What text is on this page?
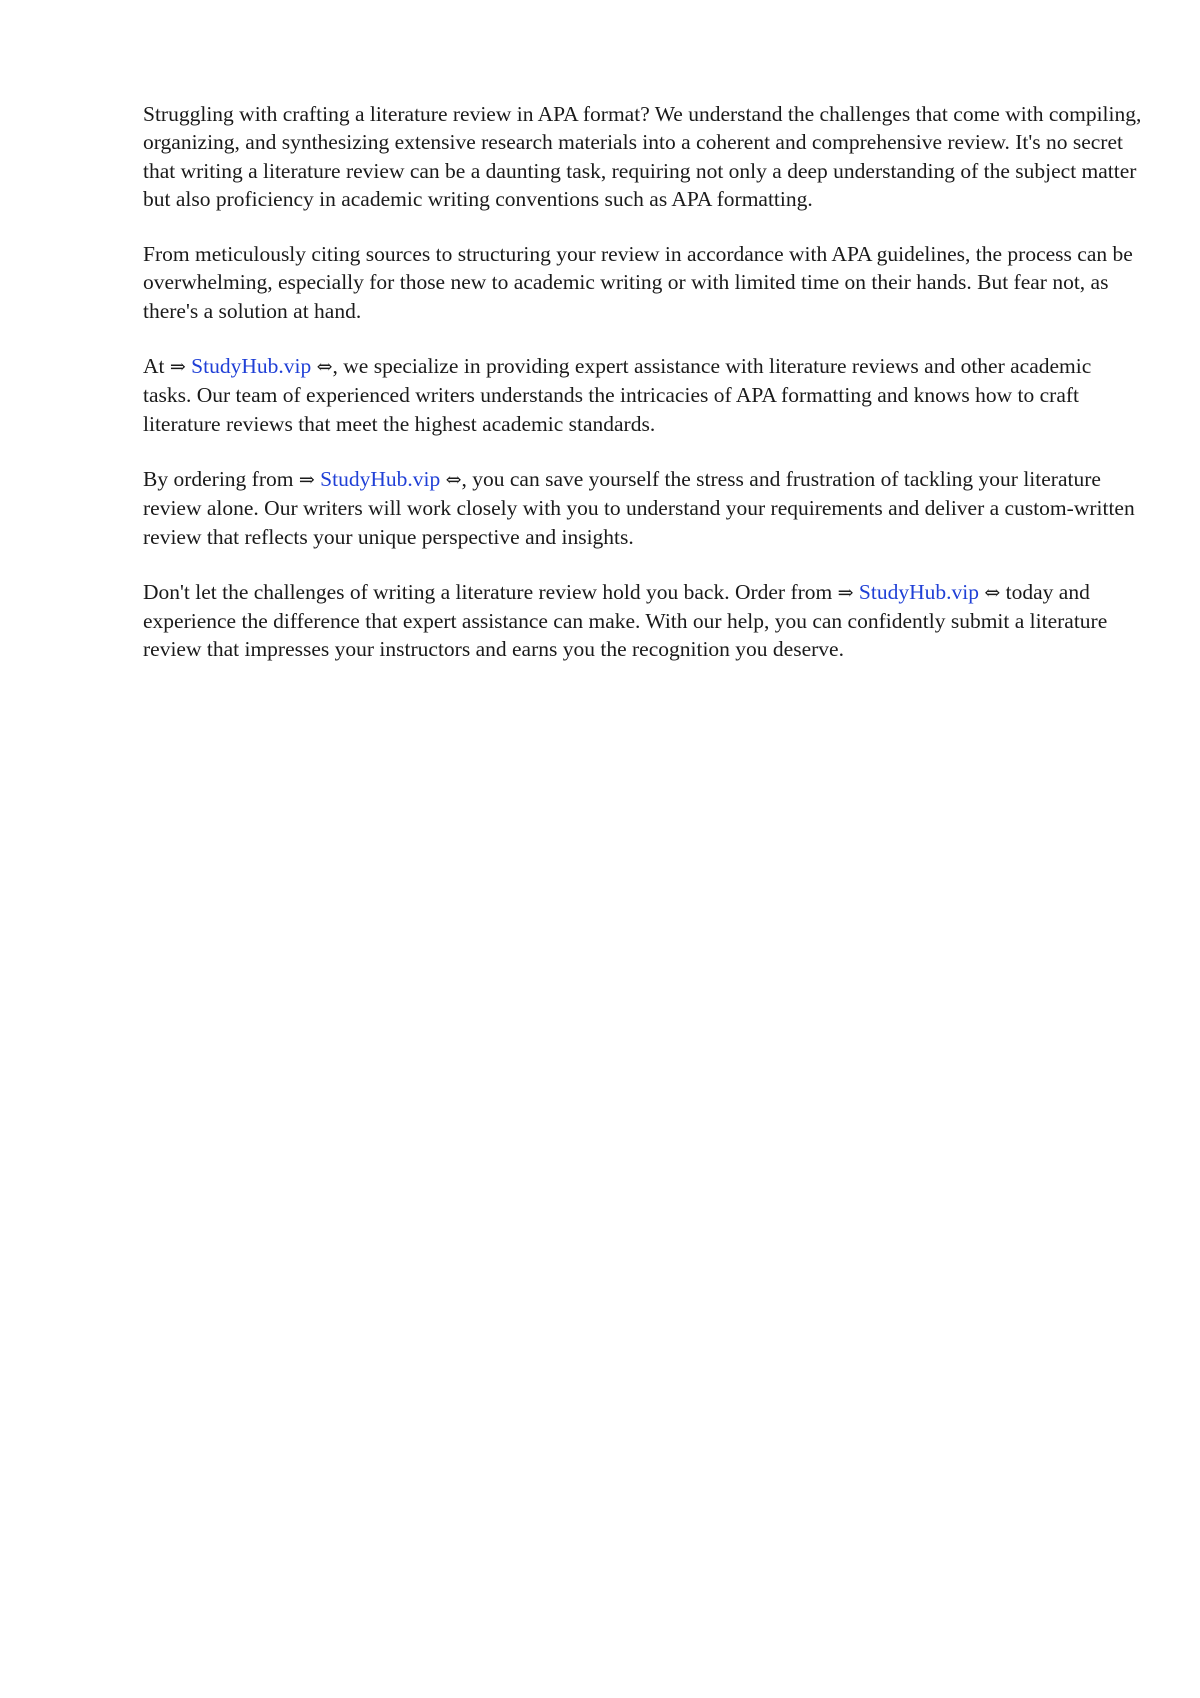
Struggling with crafting a literature review in APA format? We understand the challenges that come with compiling, organizing, and synthesizing extensive research materials into a coherent and comprehensive review. It's no secret that writing a literature review can be a daunting task, requiring not only a deep understanding of the subject matter but also proficiency in academic writing conventions such as APA formatting.

From meticulously citing sources to structuring your review in accordance with APA guidelines, the process can be overwhelming, especially for those new to academic writing or with limited time on their hands. But fear not, as there's a solution at hand.

At ⇒ StudyHub.vip ⇔, we specialize in providing expert assistance with literature reviews and other academic tasks. Our team of experienced writers understands the intricacies of APA formatting and knows how to craft literature reviews that meet the highest academic standards.

By ordering from ⇒ StudyHub.vip ⇔, you can save yourself the stress and frustration of tackling your literature review alone. Our writers will work closely with you to understand your requirements and deliver a custom-written review that reflects your unique perspective and insights.

Don't let the challenges of writing a literature review hold you back. Order from ⇒ StudyHub.vip ⇔ today and experience the difference that expert assistance can make. With our help, you can confidently submit a literature review that impresses your instructors and earns you the recognition you deserve.
